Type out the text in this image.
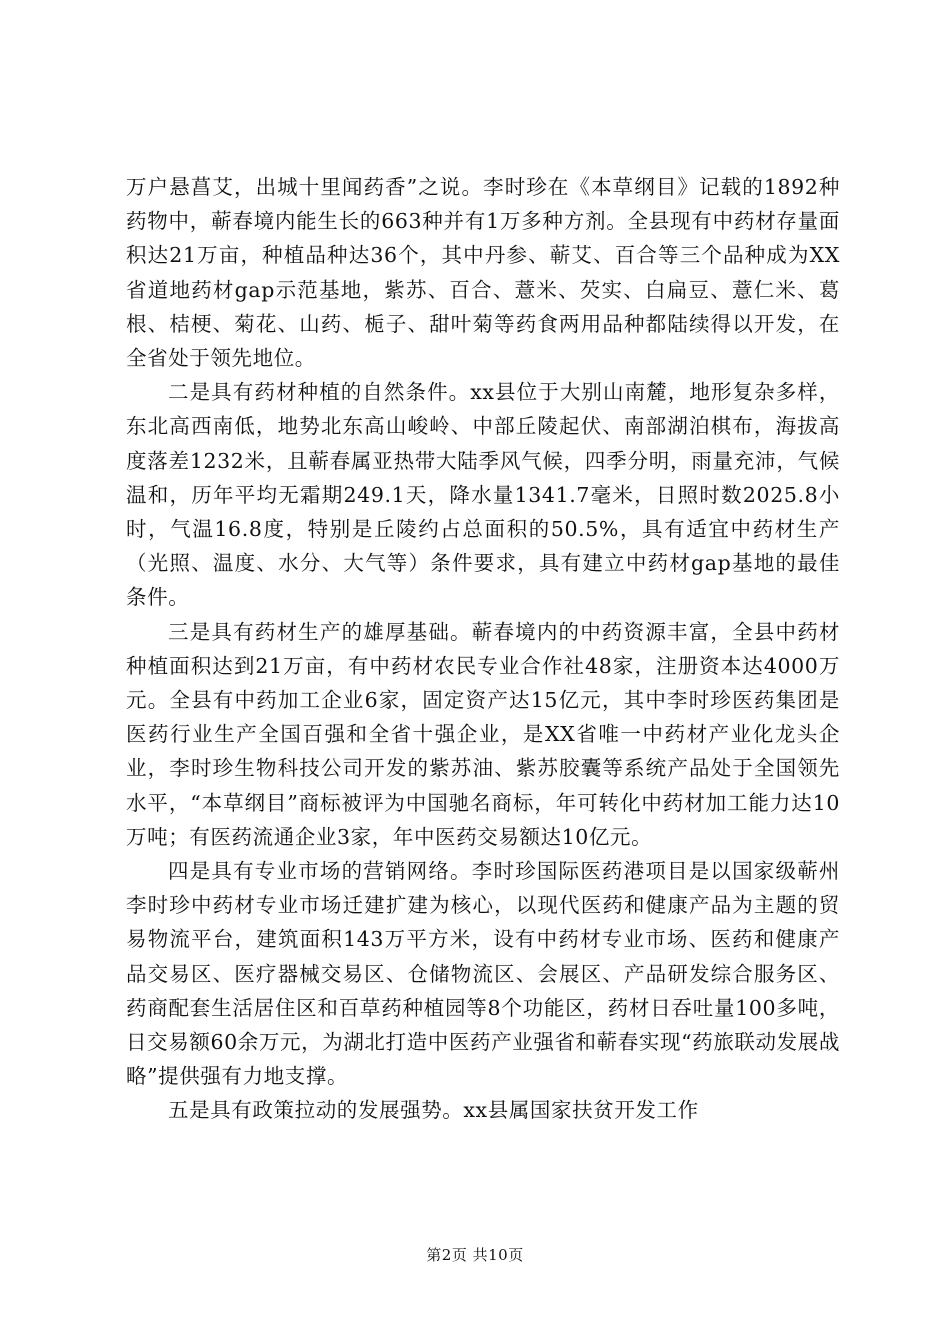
万户悬菖艾，出城十里闻药香”之说。李时珍在《本草纲目》记载的1892种药物中，蕲春境内能生长的663种并有1万多种方剂。全县现有中药材存量面积达21万亩，种植品种达36个，其中丹参、蕲艾、百合等三个品种成为XX省道地药材gap示范基地，紫苏、百合、薏米、芡实、白扁豆、薏仁米、葛根、桔梗、菊花、山药、栀子、甜叶菊等药食两用品种都陆续得以开发，在全省处于领先地位。

二是具有药材种植的自然条件。xx县位于大别山南麓，地形复杂多样，东北高西南低，地势北东高山峻岭、中部丘陵起伏、南部湖泊棋布，海拔高度落差1232米，且蕲春属亚热带大陆季风气候，四季分明，雨量充沛，气候温和，历年平均无霜期249.1天，降水量1341.7毫米，日照时数2025.8小时，气温16.8度，特别是丘陵约占总面积的50.5%，具有适宜中药材生产（光照、温度、水分、大气等）条件要求，具有建立中药材gap基地的最佳条件。

三是具有药材生产的雄厚基础。蕲春境内的中药资源丰富，全县中药材种植面积达到21万亩，有中药材农民专业合作社48家，注册资本达4000万元。全县有中药加工企业6家，固定资产达15亿元，其中李时珍医药集团是医药行业生产全国百强和全省十强企业，是XX省唯一中药材产业化龙头企业，李时珍生物科技公司开发的紫苏油、紫苏胶囊等系统产品处于全国领先水平，“本草纲目”商标被评为中国驰名商标，年可转化中药材加工能力达10万吨；有医药流通企业3家，年中医药交易额达10亿元。

四是具有专业市场的营销网络。李时珍国际医药港项目是以国家级蕲州李时珍中药材专业市场迁建扩建为核心，以现代医药和健康产品为主题的贸易物流平台，建筑面积143万平方米，设有中药材专业市场、医药和健康产品交易区、医疗器械交易区、仓储物流区、会展区、产品研发综合服务区、药商配套生活居住区和百草药种植园等8个功能区，药材日吞吐量100多吨，日交易额60余万元，为湖北打造中医药产业强省和蕲春实现“药旅联动发展战略”提供强有力地支撑。

五是具有政策拉动的发展强势。xx县属国家扶贫开发工作

第2页 共10页
